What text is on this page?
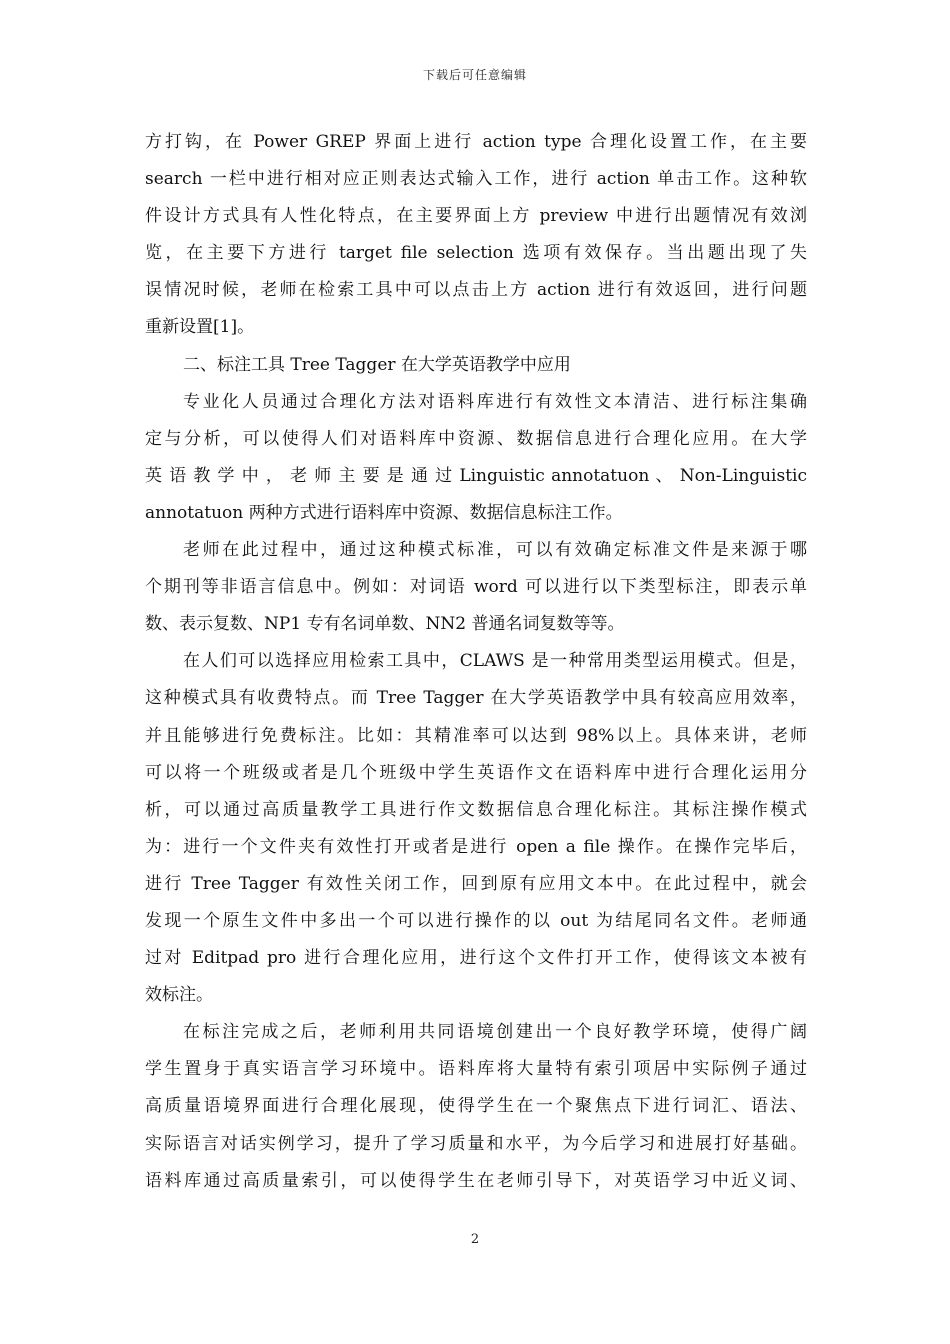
下载后可任意编辑
方打钩，在 Power GREP 界面上进行 action type 合理化设置工作，在主要
search 一栏中进行相对应正则表达式输入工作，进行 action 单击工作。这种软
件设计方式具有人性化特点，在主要界面上方 preview 中进行出题情况有效浏
览，在主要下方进行 target file selection 选项有效保存。当出题出现了失
误情况时候，老师在检索工具中可以点击上方 action 进行有效返回，进行问题
重新设置[1]。
二、标注工具 Tree Tagger 在大学英语教学中应用
专业化人员通过合理化方法对语料库进行有效性文本清洁、进行标注集确
定与分析，可以使得人们对语料库中资源、数据信息进行合理化应用。在大学
英 语 教 学 中 ， 老 师 主 要 是 通 过 Linguistic annotatuon 、 Non-Linguistic
annotatuon 两种方式进行语料库中资源、数据信息标注工作。
老师在此过程中，通过这种模式标准，可以有效确定标准文件是来源于哪
个期刊等非语言信息中。例如：对词语 word 可以进行以下类型标注，即表示单
数、表示复数、NP1 专有名词单数、NN2 普通名词复数等等。
在人们可以选择应用检索工具中，CLAWS 是一种常用类型运用模式。但是，
这种模式具有收费特点。而 Tree Tagger 在大学英语教学中具有较高应用效率，
并且能够进行免费标注。比如：其精准率可以达到 98%以上。具体来讲，老师
可以将一个班级或者是几个班级中学生英语作文在语料库中进行合理化运用分
析，可以通过高质量教学工具进行作文数据信息合理化标注。其标注操作模式
为：进行一个文件夹有效性打开或者是进行 open a file 操作。在操作完毕后，
进行 Tree Tagger 有效性关闭工作，回到原有应用文本中。在此过程中，就会
发现一个原生文件中多出一个可以进行操作的以 out 为结尾同名文件。老师通
过对 Editpad pro 进行合理化应用，进行这个文件打开工作，使得该文本被有
效标注。
在标注完成之后，老师利用共同语境创建出一个良好教学环境，使得广阔
学生置身于真实语言学习环境中。语料库将大量特有索引项居中实际例子通过
高质量语境界面进行合理化展现，使得学生在一个聚焦点下进行词汇、语法、
实际语言对话实例学习，提升了学习质量和水平，为今后学习和进展打好基础。
语料库通过高质量索引，可以使得学生在老师引导下，对英语学习中近义词、
2
